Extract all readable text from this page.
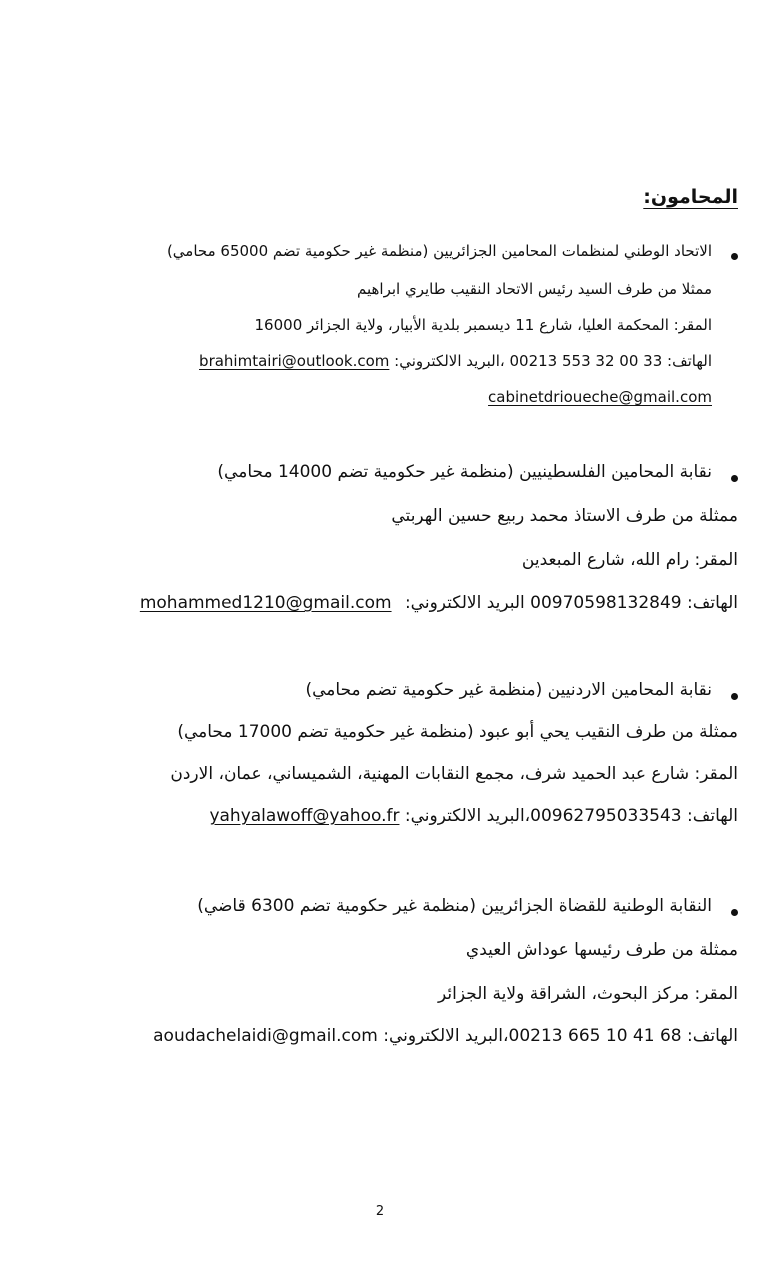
المحامون:
الاتحاد الوطني لمنظمات المحامين الجزائريين (منظمة غير حكومية تضم 65000 محامي)
ممثلا من طرف السيد رئيس الاتحاد النقيب طايري ابراهيم
المقر: المحكمة العليا، شارع 11 ديسمبر بلدية الأبيار، ولاية الجزائر 16000
الهاتف: 33 00 32 553 00213 ،البريد الالكتروني: brahimtairi@outlook.com
cabinetdrioueche@gmail.com
نقابة المحامين الفلسطينيين (منظمة غير حكومية تضم 14000 محامي)
ممثلة من طرف الاستاذ محمد ربيع حسين الهربتي
المقر: رام الله، شارع المبعدين
الهاتف: 00970598132849 البريد الالكتروني: mohammed1210@gmail.com
نقابة المحامين الاردنيين (منظمة غير حكومية تضم محامي)
ممثلة من طرف النقيب يحي أبو عبود (منظمة غير حكومية تضم 17000 محامي)
المقر: شارع عبد الحميد شرف، مجمع النقابات المهنية، الشميساني، عمان، الاردن
الهاتف: 00962795033543،البريد الالكتروني: yahyalawoff@yahoo.fr
النقابة الوطنية للقضاة الجزائريين (منظمة غير حكومية تضم 6300 قاضي)
ممثلة من طرف رئيسها عوداش العيدي
المقر: مركز البحوث، الشراقة ولاية الجزائر
الهاتف: 68 41 10 665 00213،البريد الالكتروني: aoudachelaidi@gmail.com
2
